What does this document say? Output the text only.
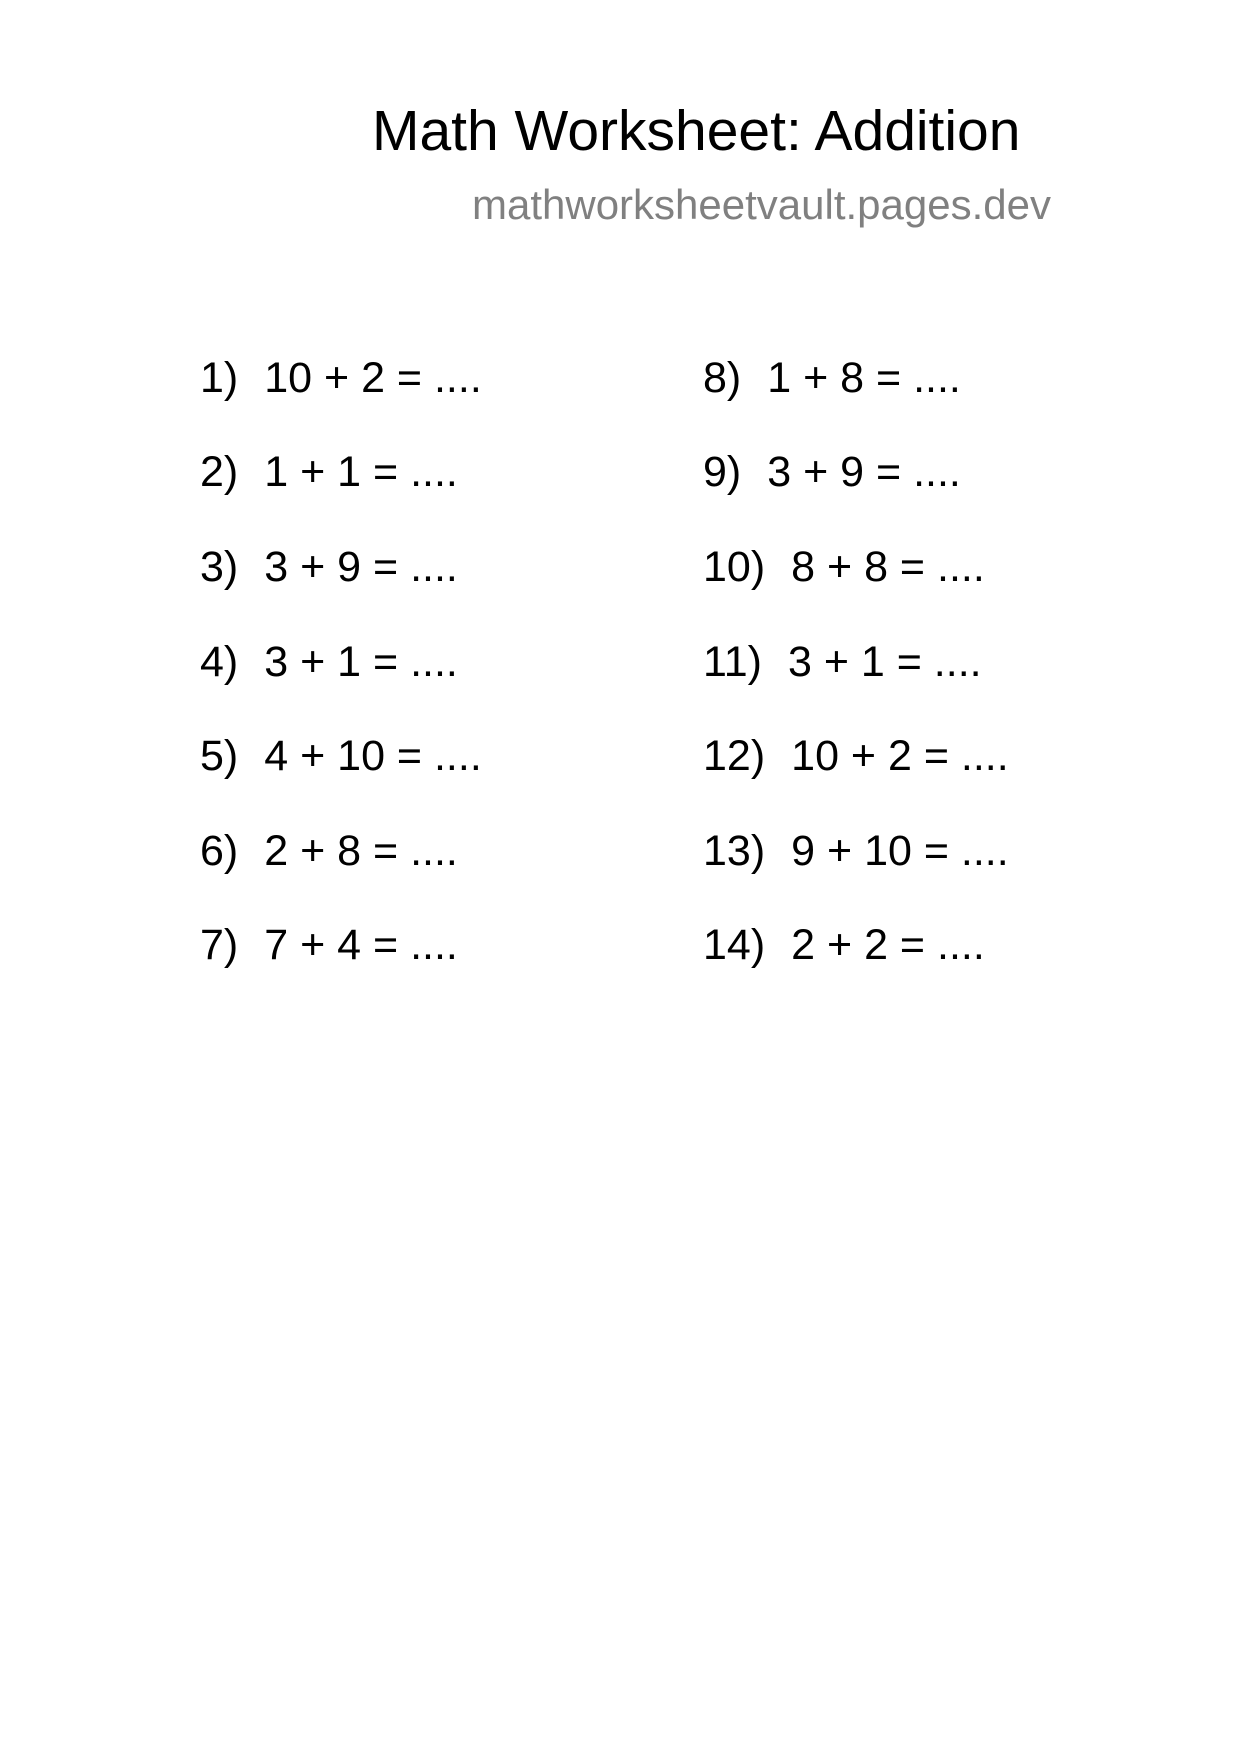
Math Worksheet: Addition
mathworksheetvault.pages.dev
1) 10 + 2 = ....
2) 1 + 1 = ....
3) 3 + 9 = ....
4) 3 + 1 = ....
5) 4 + 10 = ....
6) 2 + 8 = ....
7) 7 + 4 = ....
8) 1 + 8 = ....
9) 3 + 9 = ....
10) 8 + 8 = ....
11) 3 + 1 = ....
12) 10 + 2 = ....
13) 9 + 10 = ....
14) 2 + 2 = ....
